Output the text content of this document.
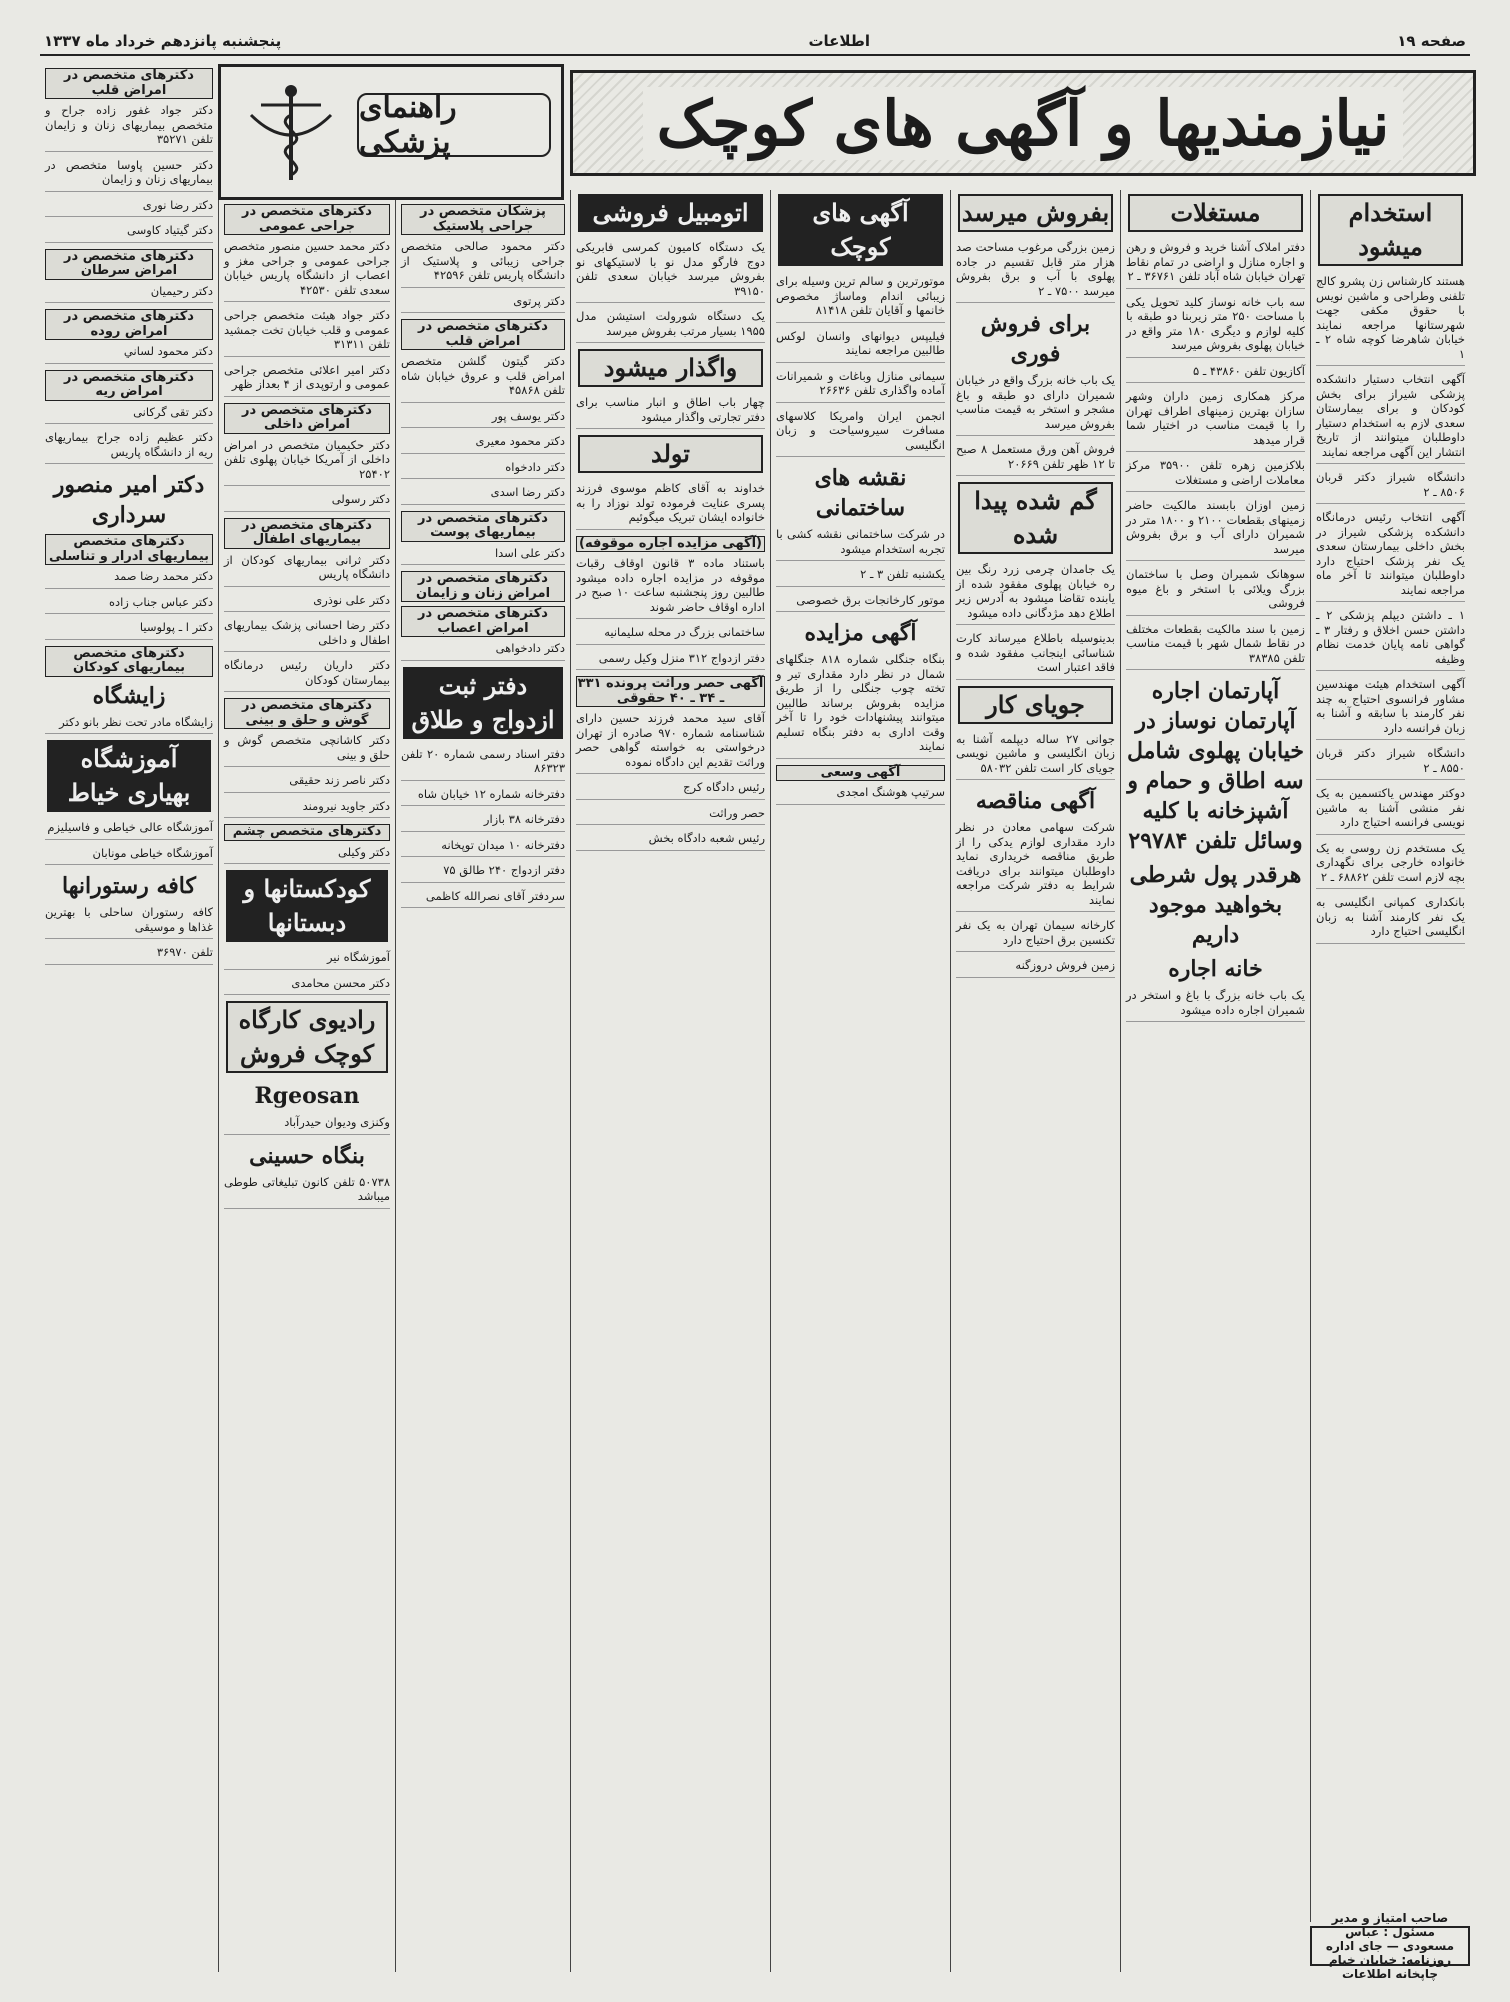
پنجشنبه پانزدهم خرداد ماه ۱۳۳۷	اطلاعات	صفحه ۱۹
نیازمندیها و آگهی های کوچک
راهنمای پزشکی
استخدام میشود
هستند کارشناس زن پشرو کالج تلفنی وطراحی و ماشین نویس با حقوق مکفی جهت شهرستانها مراجعه نمایند خیابان شاهرضا کوچه شاه ۲ ـ ۱
آگهی انتخاب دستیار دانشکده پزشکی شیراز برای بخش کودکان و برای بیمارستان سعدی لازم به استخدام دستیار داوطلبان میتوانند از تاریخ انتشار این آگهی مراجعه نمایند
دانشگاه شیراز دکتر قربان ۸۵۰۶ ـ ۲
آگهی انتخاب رئیس درمانگاه دانشکده پزشکی شیراز در بخش داخلی بیمارستان سعدی یک نفر پزشک احتیاج دارد داوطلبان میتوانند تا آخر ماه مراجعه نمایند
۱ ـ داشتن دیپلم پزشکی ۲ ـ داشتن حسن اخلاق و رفتار ۳ ـ گواهی نامه پایان خدمت نظام وظیفه
آگهی استخدام هیئت مهندسین مشاور فرانسوی احتیاج به چند نفر کارمند با سابقه و آشنا به زبان فرانسه دارد
دانشگاه شیراز دکتر قربان ۸۵۵۰ ـ ۲
دوکتر مهندس یاکتسمین به یک نفر منشی آشنا به ماشین نویسی فرانسه احتیاج دارد
یک مستخدم زن روسی به یک خانواده خارجی برای نگهداری بچه لازم است تلفن ۶۸۸۶۲ ـ ۲
بانکداری کمپانی انگلیسی به یک نفر کارمند آشنا به زبان انگلیسی احتیاج دارد
مستغلات
دفتر املاک آشنا خرید و فروش و رهن و اجاره منازل و اراضی در تمام نقاط تهران خیابان شاه آباد تلفن ۳۶۷۶۱ ـ ۲
سه باب خانه نوساز کلید تحویل یکی با مساحت ۲۵۰ متر زیربنا دو طبقه با کلیه لوازم و دیگری ۱۸۰ متر واقع در خیابان پهلوی بفروش میرسد
آکازیون تلفن ۴۳۸۶۰ ـ ۵
مرکز همکاری زمین داران وشهر سازان بهترین زمینهای اطراف تهران را با قیمت مناسب در اختیار شما قرار میدهد
بلاکزمین زهره تلفن ۳۵۹۰۰ مرکز معاملات اراضی و مستغلات
زمین اوزان بابسند مالکیت حاضر زمینهای بقطعات ۲۱۰۰ و ۱۸۰۰ متر در شمیران دارای آب و برق بفروش میرسد
سوهانک شمیران وصل با ساختمان بزرگ ویلائی با استخر و باغ میوه فروشی
زمین با سند مالکیت بقطعات مختلف در نقاط شمال شهر با قیمت مناسب تلفن ۳۸۳۸۵
آپارتمان اجاره آپارتمان نوساز در خیابان پهلوی شامل سه اطاق و حمام و آشپزخانه با کلیه وسائل تلفن ۲۹۷۸۴
هرقدر پول شرطی بخواهید موجود داریم
خانه اجاره
یک باب خانه بزرگ با باغ و استخر در شمیران اجاره داده میشود
بفروش میرسد
زمین بزرگی مرغوب مساحت صد هزار متر قابل تقسیم در جاده پهلوی با آب و برق بفروش میرسد ۷۵۰۰ ـ ۲
برای فروش فوری
یک باب خانه بزرگ واقع در خیابان شمیران دارای دو طبقه و باغ مشجر و استخر به قیمت مناسب بفروش میرسد
فروش آهن ورق مستعمل ۸ صبح تا ۱۲ ظهر تلفن ۲۰۶۶۹
گم شده پیدا شده
یک جامدان چرمی زرد رنگ بین ره خیابان پهلوی مفقود شده از یابنده تقاضا میشود به آدرس زیر اطلاع دهد مژدگانی داده میشود
بدینوسیله باطلاع میرساند کارت شناسائی اینجانب مفقود شده و فاقد اعتبار است
جویای کار
جوانی ۲۷ ساله دیپلمه آشنا به زبان انگلیسی و ماشین نویسی جویای کار است تلفن ۵۸۰۳۲
آگهی مناقصه
شرکت سهامی معادن در نظر دارد مقداری لوازم یدکی را از طریق مناقصه خریداری نماید داوطلبان میتوانند برای دریافت شرایط به دفتر شرکت مراجعه نمایند
کارخانه سیمان تهران به یک نفر تکنسین برق احتیاج دارد
زمین فروش دروزگنه
آگهی های کوچک
موتورترین و سالم ترین وسیله برای زیبائی اندام وماساژ مخصوص خانمها و آقایان تلفن ۸۱۴۱۸
فیلیپس دیوانهای وانسان لوکس طالبین مراجعه نمایند
سیمانی منازل وباغات و شمیرانات آماده واگذاری تلفن ۲۶۶۳۶
انجمن ایران وامریکا کلاسهای مسافرت سیروسیاحت و زبان انگلیسی
نقشه های ساختمانی
در شرکت ساختمانی نقشه کشی با تجربه استخدام میشود
یکشنبه تلفن ۳ ـ ۲
موتور کارخانجات برق خصوصی
آگهی مزایده
بنگاه جنگلی شماره ۸۱۸ جنگلهای شمال در نظر دارد مقداری تیر و تخته چوب جنگلی را از طریق مزایده بفروش برساند طالبین میتوانند پیشنهادات خود را تا آخر وقت اداری به دفتر بنگاه تسلیم نمایند
آگهی وسعی
سرتیپ هوشنگ امجدی
اتومبیل فروشی
یک دستگاه کامیون کمرسی فابریکی دوج فارگو مدل نو با لاستیکهای نو بفروش میرسد خیابان سعدی تلفن ۳۹۱۵۰
یک دستگاه شورولت استیشن مدل ۱۹۵۵ بسیار مرتب بفروش میرسد
واگذار میشود
چهار باب اطاق و انبار مناسب برای دفتر تجارتی واگذار میشود
تولد
خداوند به آقای کاظم موسوی فرزند پسری عنایت فرموده تولد نوزاد را به خانواده ایشان تبریک میگوئیم
(آگهی مزایده اجاره موقوفه)
باستناد ماده ۳ قانون اوقاف رقبات موقوفه در مزایده اجاره داده میشود طالبین روز پنجشنبه ساعت ۱۰ صبح در اداره اوقاف حاضر شوند
ساختمانی بزرگ در محله سلیمانیه
دفتر ازدواج ۳۱۲ منزل وکیل رسمی
آگهی حصر وراثت پرونده ۳۳۱ ـ ۳۴ ـ ۴۰ حقوقی
آقای سید محمد فرزند حسین دارای شناسنامه شماره ۹۷۰ صادره از تهران درخواستی به خواسته گواهی حصر وراثت تقدیم این دادگاه نموده
رئیس دادگاه کرج
حصر وراثت
رئیس شعبه دادگاه بخش
پزشکان متخصص در جراحی پلاستیک
دکتر محمود صالحی متخصص جراحی زیبائی و پلاستیک از دانشگاه پاریس تلفن ۴۲۵۹۶
دکتر پرتوی
دکترهای متخصص در امراض قلب
دکتر گیتون گلشن متخصص امراض قلب و عروق خیابان شاه تلفن ۴۵۸۶۸
دکتر یوسف پور
دکتر محمود معیری
دکتر دادخواه
دکتر رضا اسدی
دکترهای متخصص در بیماریهای پوست
دکتر علی اسدا
دکترهای متخصص در امراض زنان و زایمان
دکترهای متخصص در امراض اعصاب
دکتر دادخواهی
دفتر ثبت ازدواج و طلاق
دفتر اسناد رسمی شماره ۲۰ تلفن ۸۶۳۲۳
دفترخانه شماره ۱۲ خیابان شاه
دفترخانه ۳۸ بازار
دفترخانه ۱۰ میدان توپخانه
دفتر ازدواج ۲۴۰ طالق ۷۵
سردفتر آقای نصرالله کاظمی
دکترهای متخصص در جراحی عمومی
دکتر محمد حسین منصور متخصص جراحی عمومی و جراحی مغز و اعصاب از دانشگاه پاریس خیابان سعدی تلفن ۴۲۵۳۰
دکتر جواد هیئت متخصص جراحی عمومی و قلب خیابان تخت جمشید تلفن ۳۱۳۱۱
دکتر امیر اعلائی متخصص جراحی عمومی و ارتوپدی از ۴ بعداز ظهر
دکترهای متخصص در امراض داخلی
دکتر حکیمیان متخصص در امراض داخلی از آمریکا خیابان پهلوی تلفن ۲۵۴۰۲
دکتر رسولی
دکترهای متخصص در بیماریهای اطفال
دکتر ثرانی بیماریهای کودکان از دانشگاه پاریس
دکتر علی نوذری
دکتر رضا احسانی پزشک بیماریهای اطفال و داخلی
دکتر داریان رئیس درمانگاه بیمارستان کودکان
دکترهای متخصص در گوش و حلق و بینی
دکتر کاشانچی متخصص گوش و حلق و بینی
دکتر ناصر زند حقیقی
دکتر جاوید نیرومند
دکترهای متخصص چشم
دکتر وکیلی
کودکستانها و دبستانها
آموزشگاه نیر
دکتر محسن محامدی
رادیوی کارگاه کوچک فروش
Rgeosan
وکنزی ودیوان حیدرآباد
بنگاه حسینی
۵۰۷۳۸ تلفن کانون تبلیغاتی طوطی میباشد
دکترهای متخصص در امراض قلب
دکتر جواد غفور زاده جراح و متخصص بیماریهای زنان و زایمان تلفن ۳۵۲۷۱
دکتر حسین پاوسا متخصص در بیماریهای زنان و زایمان
دکتر رضا نوری
دکتر گیتیاد کاوسی
دکترهای متخصص در امراض سرطان
دکتر رحیمیان
دکترهای متخصص در امراض روده
دکتر محمود لساني
دکترهای متخصص در امراض ریه
دکتر تقی گرکانی
دکتر عظیم زاده جراح بیماریهای ریه از دانشگاه پاریس
دکتر امیر منصور سرداری
دکترهای متخصص بیماریهای ادرار و تناسلی
دکتر محمد رضا صمد
دکتر عباس جناب زاده
دکتر ا ـ پولوسیا
دکترهای متخصص بیماریهای کودکان
زایشگاه
زایشگاه مادر تحت نظر بانو دکتر
آموزشگاه بهیاری خیاط
آموزشگاه عالی خیاطی و فاسیلیزم
آموزشگاه خیاطی مونابان
کافه رستورانها
کافه رستوران ساحلی با بهترین غذاها و موسیقی
تلفن ۳۶۹۷۰
صاحب امتیاز و مدیر مسئول : عباس مسعودی — جای اداره روزنامه: خیابان خیام چاپخانه اطلاعات
